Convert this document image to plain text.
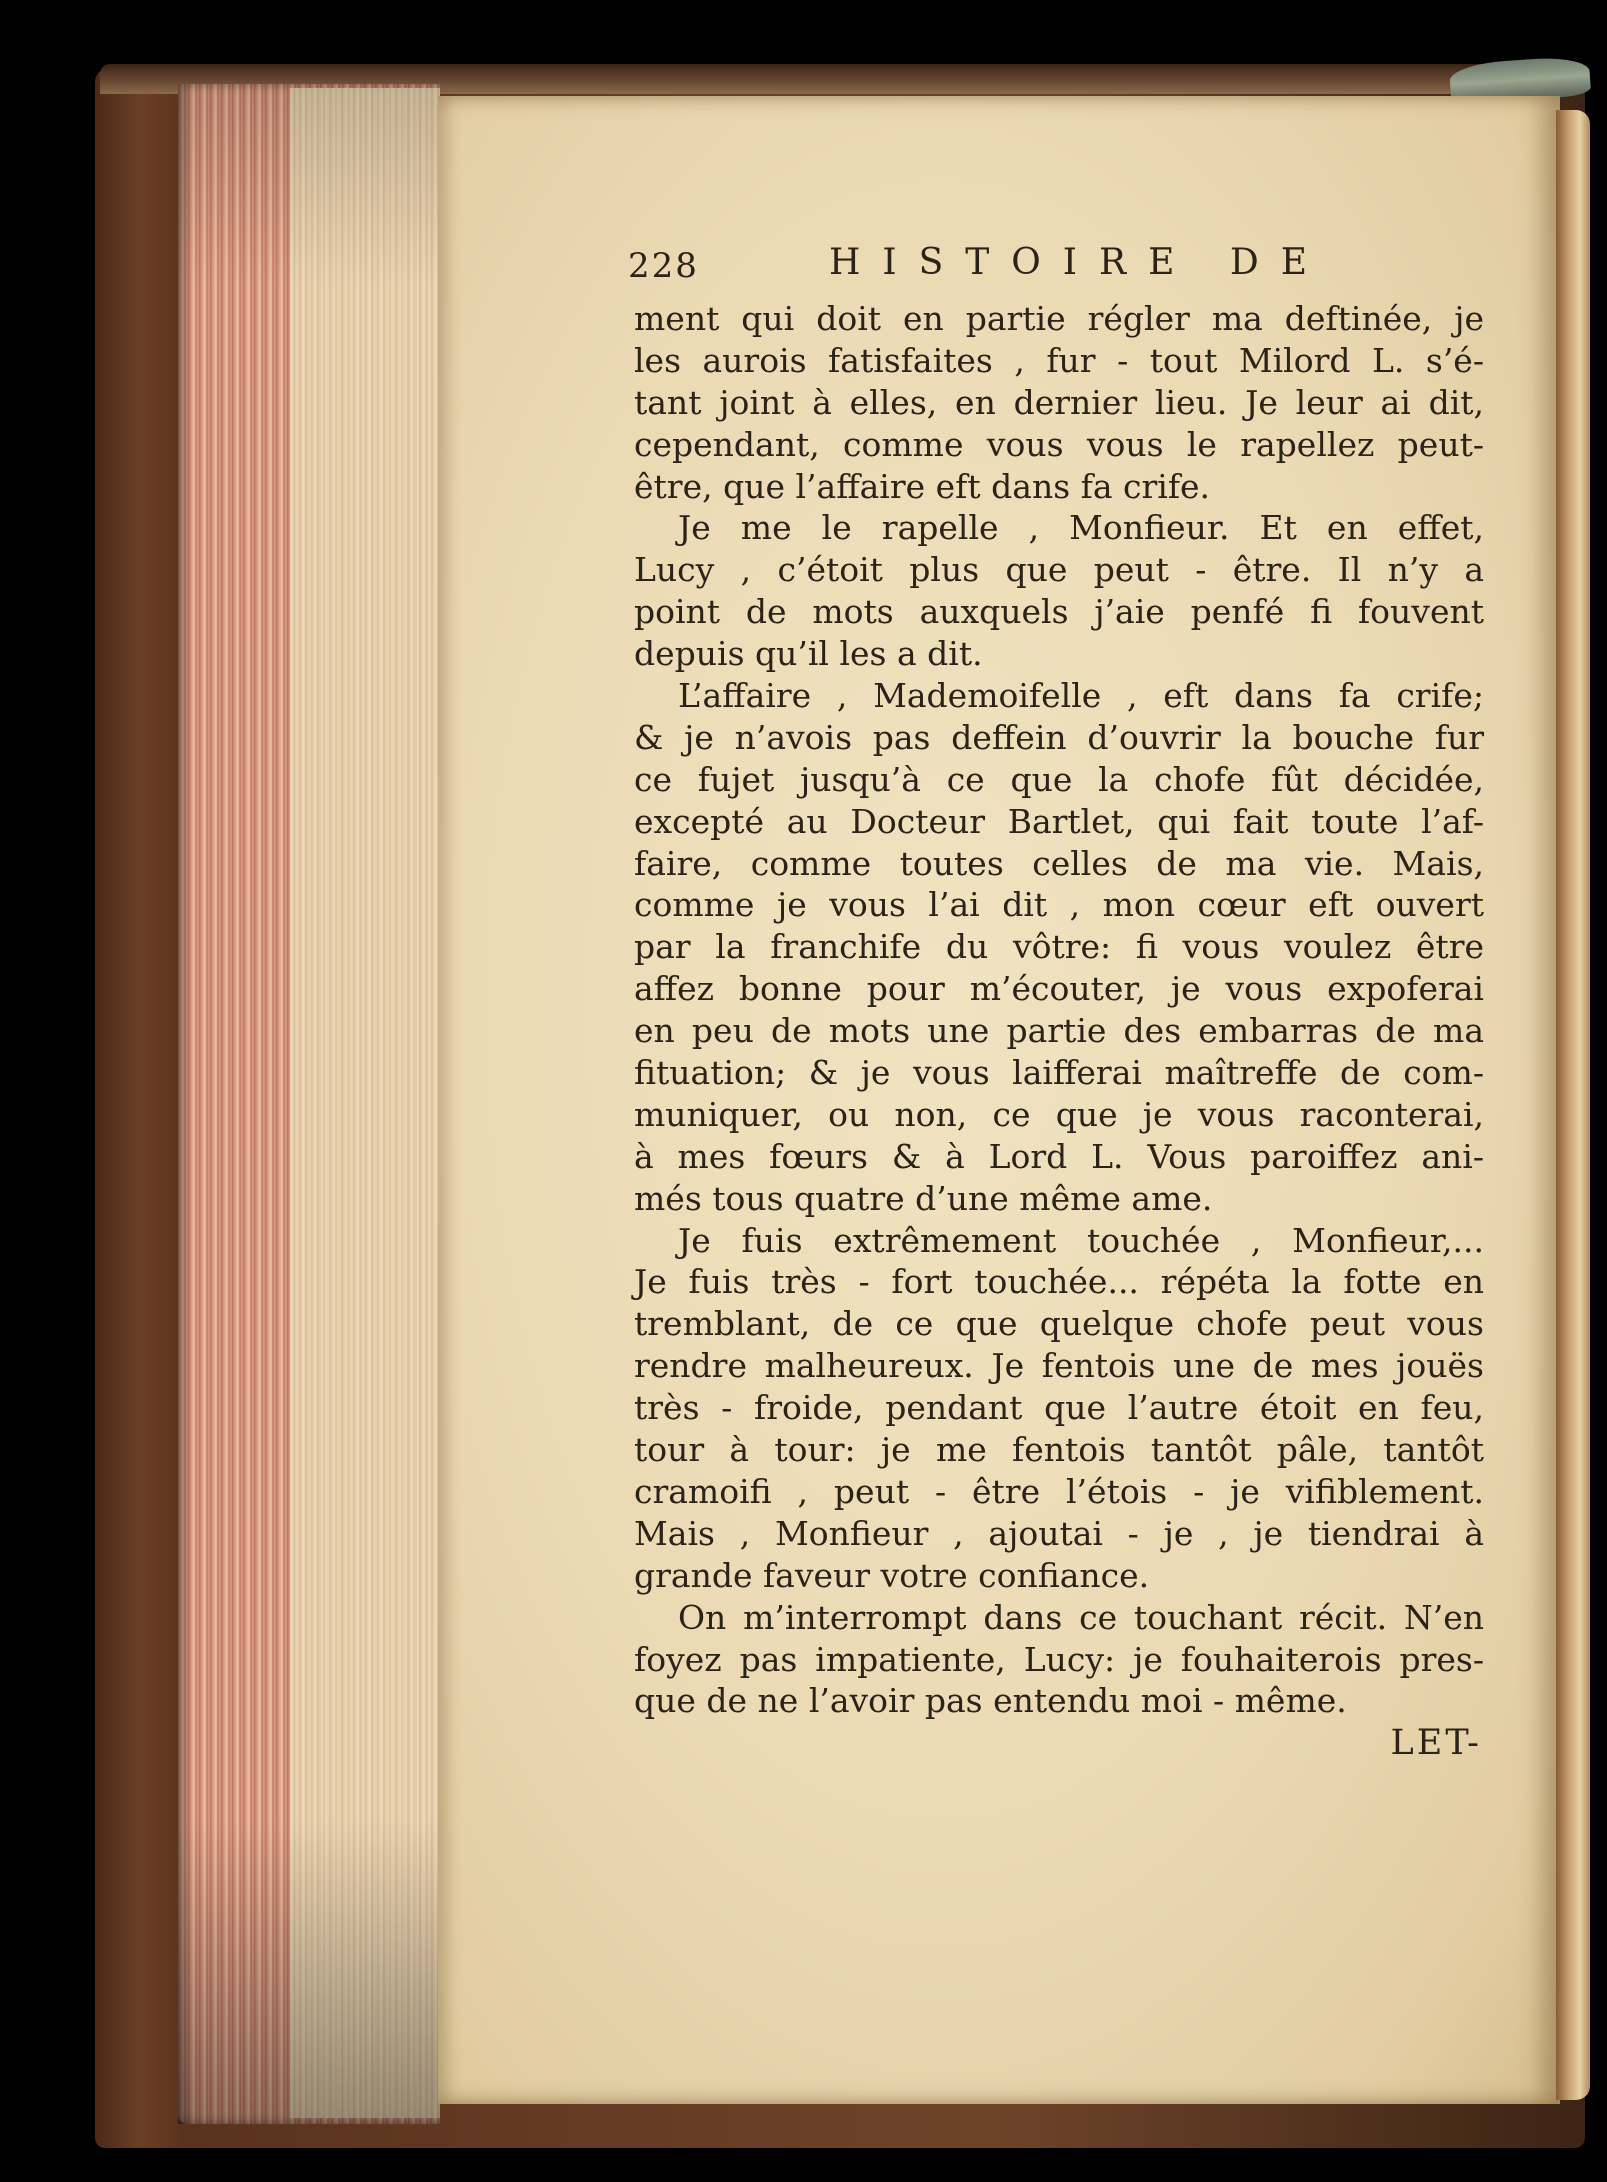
228	HISTOIRE DE
ment qui doit en partie régler ma deftinée, je
les aurois fatisfaites , fur - tout Milord L. s’é-
tant joint à elles, en dernier lieu. Je leur ai dit,
cependant, comme vous vous le rapellez peut-
être, que l’affaire eft dans fa crife.
Je me le rapelle , Monfieur. Et en effet,
Lucy , c’étoit plus que peut - être. Il n’y a
point de mots auxquels j’aie penfé fi fouvent
depuis qu’il les a dit.
L’affaire , Mademoifelle , eft dans fa crife;
& je n’avois pas deffein d’ouvrir la bouche fur
ce fujet jusqu’à ce que la chofe fût décidée,
excepté au Docteur Bartlet, qui fait toute l’af-
faire, comme toutes celles de ma vie. Mais,
comme je vous l’ai dit , mon cœur eft ouvert
par la franchife du vôtre: fi vous voulez être
affez bonne pour m’écouter, je vous expoferai
en peu de mots une partie des embarras de ma
fituation; & je vous laifferai maîtreffe de com-
muniquer, ou non, ce que je vous raconterai,
à mes fœurs & à Lord L. Vous paroiffez ani-
més tous quatre d’une même ame.
Je fuis extrêmement touchée , Monfieur,...
Je fuis très - fort touchée... répéta la fotte en
tremblant, de ce que quelque chofe peut vous
rendre malheureux. Je fentois une de mes jouës
très - froide, pendant que l’autre étoit en feu,
tour à tour: je me fentois tantôt pâle, tantôt
cramoifi , peut - être l’étois - je vifiblement.
Mais , Monfieur , ajoutai - je , je tiendrai à
grande faveur votre confiance.
On m’interrompt dans ce touchant récit. N’en
foyez pas impatiente, Lucy: je fouhaiterois pres-
que de ne l’avoir pas entendu moi - même.
LET-
